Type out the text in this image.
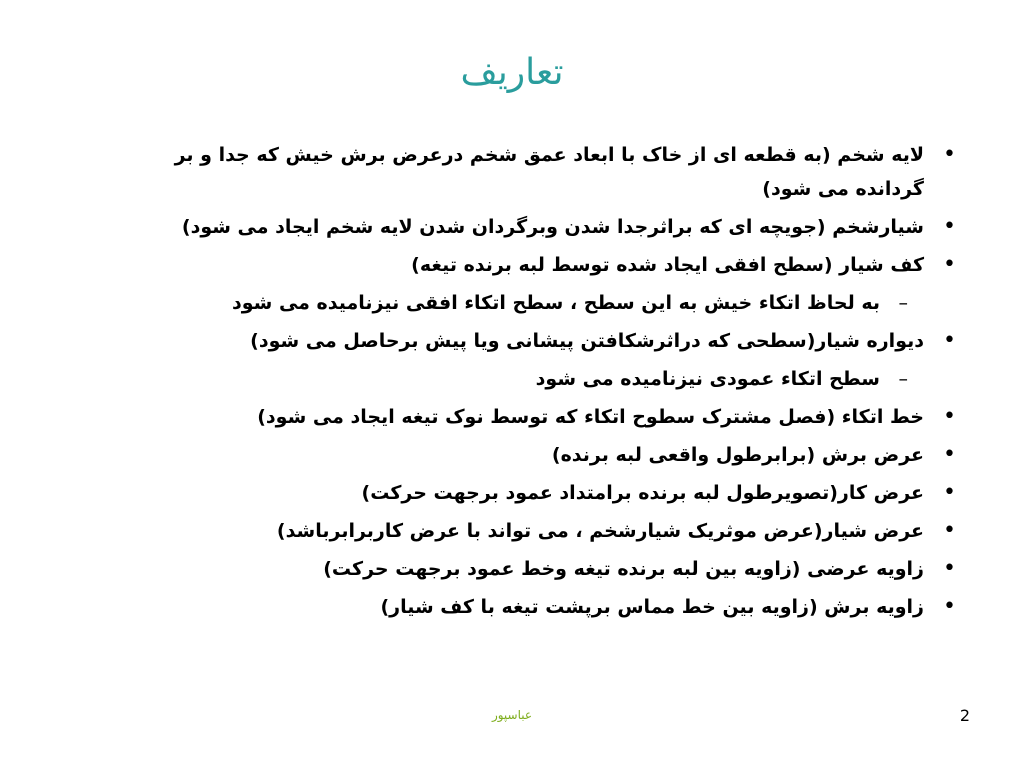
تعاريف
• لایه شخم (به قطعه ای از خاک با ابعاد عمق شخم درعرض برش خیش که جدا و بر گردانده می شود)
• شیارشخم (جویچه ای که براثرجدا شدن وبرگردان شدن لایه شخم ایجاد می شود)
• کف شیار (سطح افقی ایجاد شده توسط لبه برنده تیغه)
– به لحاظ اتکاء خیش به این سطح ، سطح اتکاء افقی نیزنامیده می شود
• دیواره شیار(سطحی که دراثرشکافتن پیشانی ویا پیش برحاصل می شود)
– سطح اتکاء عمودی نیزنامیده می شود
• خط اتکاء (فصل مشترک سطوح اتکاء که توسط نوک تیغه ایجاد می شود)
• عرض برش (برابرطول واقعی لبه برنده)
• عرض کار(تصویرطول لبه برنده برامتداد عمود برجهت حرکت)
• عرض شیار(عرض موثریک شیارشخم ، می تواند با عرض کاربرابرباشد)
• زاویه عرضی (زاویه بین لبه برنده تیغه وخط عمود برجهت حرکت)
• زاویه برش (زاویه بین خط مماس برپشت تیغه با کف شیار)
عباسپور	2
